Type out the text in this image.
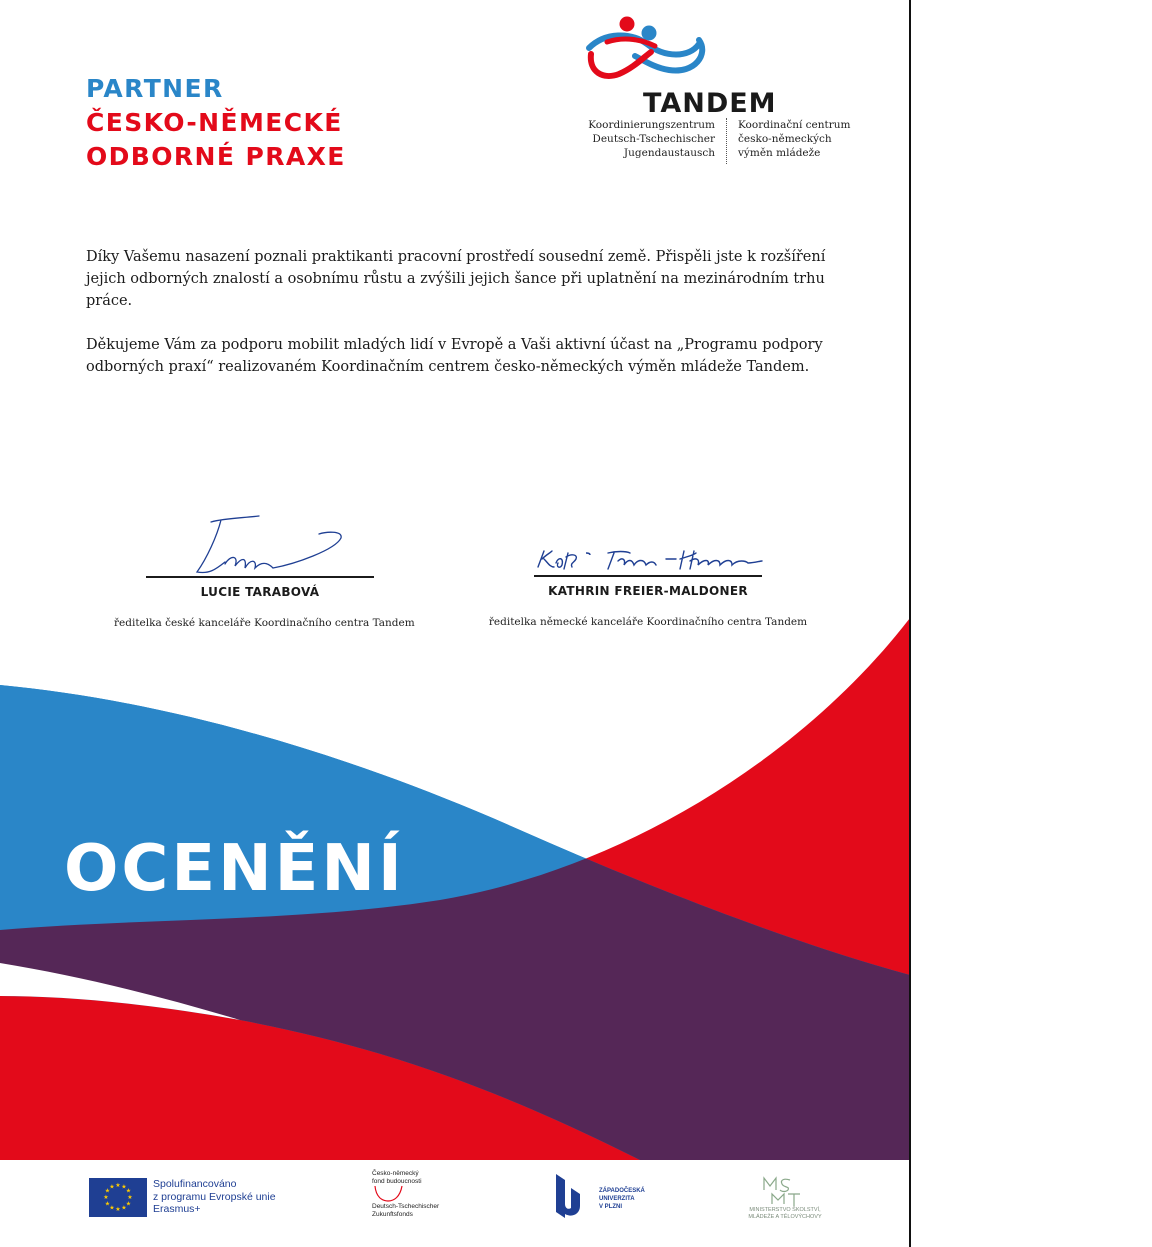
PARTNER
ČESKO-NĚMECKÉ
ODBORNÉ PRAXE
TANDEM
Koordinierungszentrum
Deutsch-Tschechischer
Jugendaustausch
Koordinační centrum
česko-německých
výměn mládeže

Díky Vašemu nasazení poznali praktikanti pracovní prostředí sousední země. Přispěli jste k rozšíření jejich odborných znalostí a osobnímu růstu a zvýšili jejich šance při uplatnění na mezinárodním trhu práce.

Děkujeme Vám za podporu mobilit mladých lidí v Evropě a Vaši aktivní účast na „Programu podpory odborných praxí“ realizovaném Koordinačním centrem česko-německých výměn mládeže Tandem.

LUCIE TARABOVÁ
ředitelka české kanceláře Koordinačního centra Tandem
KATHRIN FREIER-MALDONER
ředitelka německé kanceláře Koordinačního centra Tandem
OCENĚNÍ
★ ★
★
★
★
★
★
★
★
★
★
★	Spolufinancováno
z programu Evropské unie
Erasmus+
Česko-německý
fond budoucnosti
Deutsch-Tschechischer
Zukunftsfonds
ZÁPADOČESKÁ
UNIVERZITA
V PLZNI	MINISTERSTVO ŠKOLSTVÍ,
MLÁDEŽE A TĚLOVÝCHOVY
